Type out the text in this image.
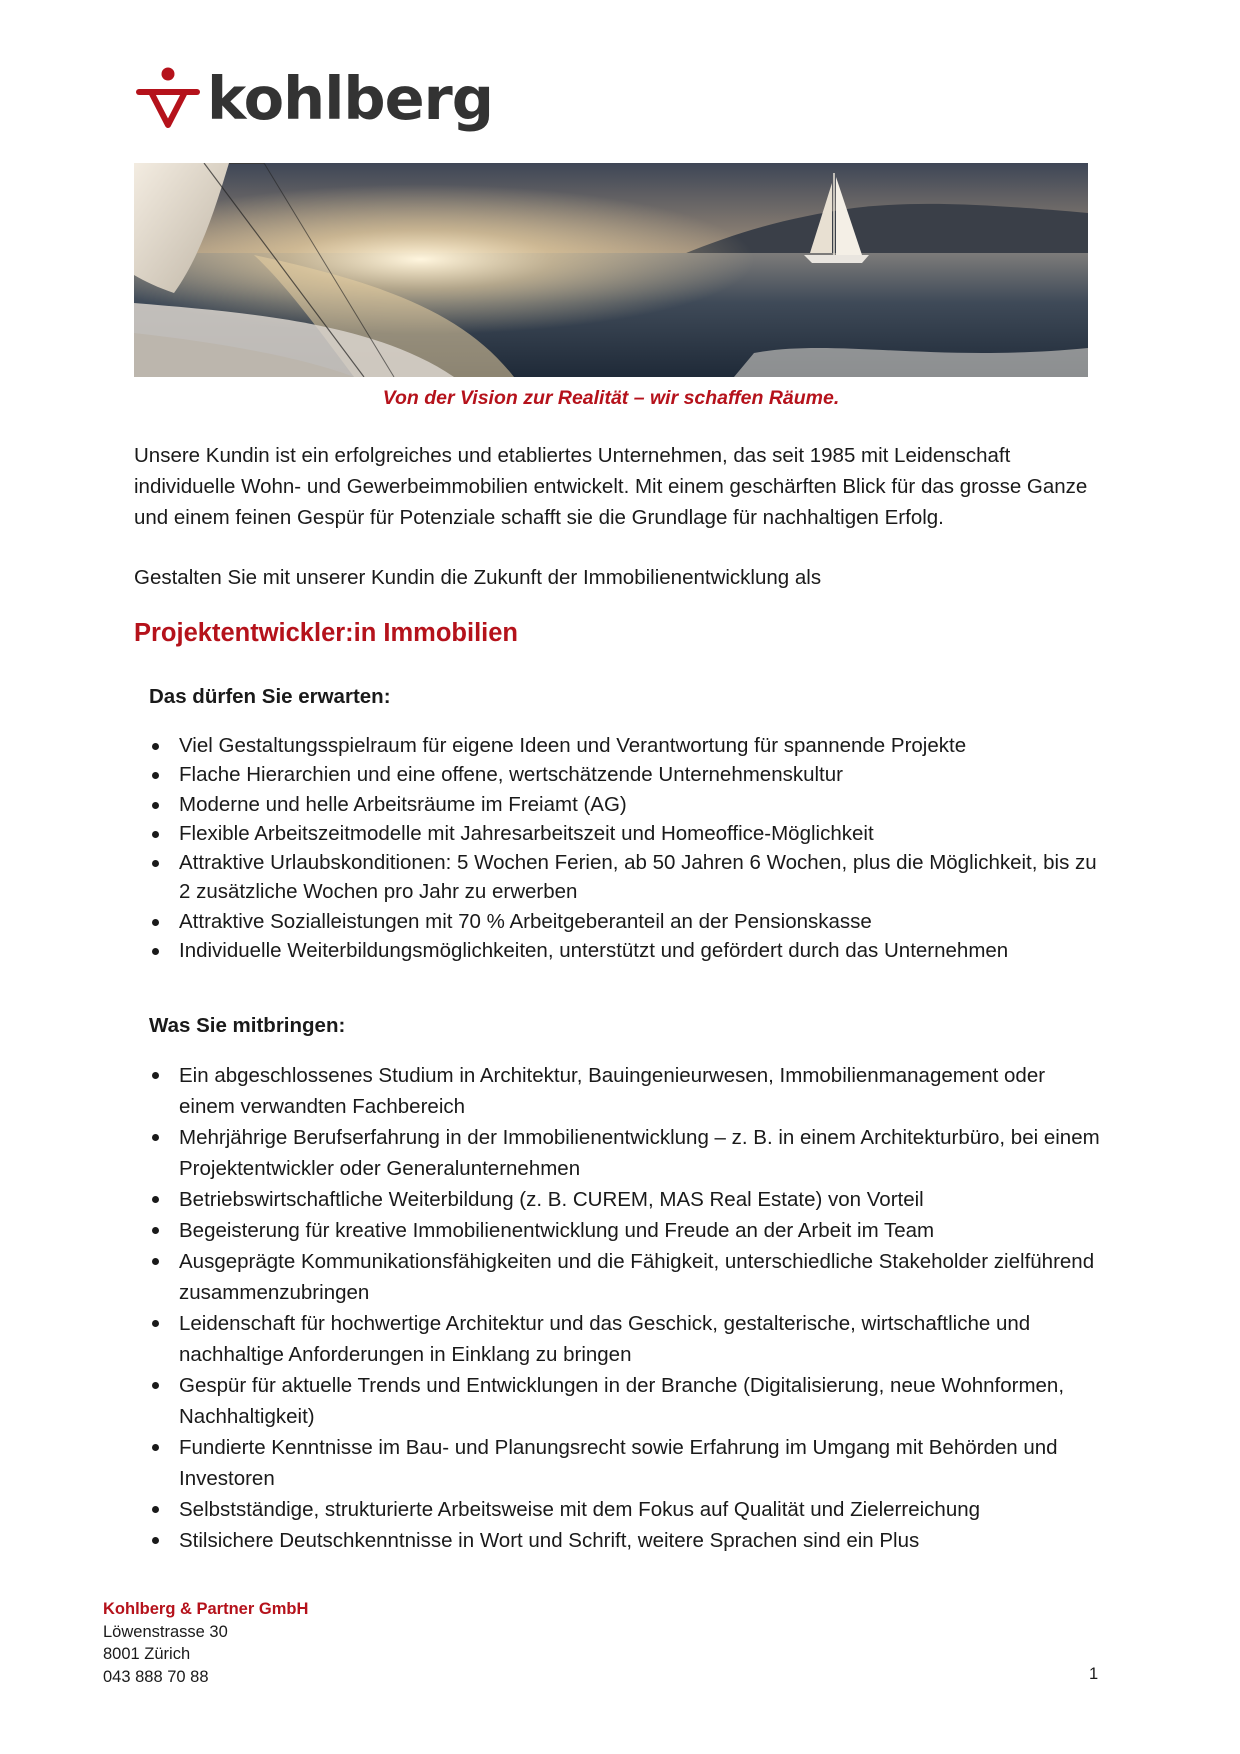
kohlberg
Von der Vision zur Realität – wir schaffen Räume.

Unsere Kundin ist ein erfolgreiches und etabliertes Unternehmen, das seit 1985 mit Leidenschaft individuelle Wohn- und Gewerbeimmobilien entwickelt. Mit einem geschärften Blick für das grosse Ganze und einem feinen Gespür für Potenziale schafft sie die Grundlage für nachhaltigen Erfolg.

Gestalten Sie mit unserer Kundin die Zukunft der Immobilienentwicklung als

Projektentwickler:in Immobilien
Das dürfen Sie erwarten:
Viel Gestaltungsspielraum für eigene Ideen und Verantwortung für spannende Projekte
Flache Hierarchien und eine offene, wertschätzende Unternehmenskultur
Moderne und helle Arbeitsräume im Freiamt (AG)
Flexible Arbeitszeitmodelle mit Jahresarbeitszeit und Homeoffice-Möglichkeit
Attraktive Urlaubskonditionen: 5 Wochen Ferien, ab 50 Jahren 6 Wochen, plus die Möglichkeit, bis zu 2 zusätzliche Wochen pro Jahr zu erwerben
Attraktive Sozialleistungen mit 70 % Arbeitgeberanteil an der Pensionskasse
Individuelle Weiterbildungsmöglichkeiten, unterstützt und gefördert durch das Unternehmen
Was Sie mitbringen:
Ein abgeschlossenes Studium in Architektur, Bauingenieurwesen, Immobilienmanagement oder einem verwandten Fachbereich
Mehrjährige Berufserfahrung in der Immobilienentwicklung – z. B. in einem Architekturbüro, bei einem Projektentwickler oder Generalunternehmen
Betriebswirtschaftliche Weiterbildung (z. B. CUREM, MAS Real Estate) von Vorteil
Begeisterung für kreative Immobilienentwicklung und Freude an der Arbeit im Team
Ausgeprägte Kommunikationsfähigkeiten und die Fähigkeit, unterschiedliche Stakeholder zielführend zusammenzubringen
Leidenschaft für hochwertige Architektur und das Geschick, gestalterische, wirtschaftliche und nachhaltige Anforderungen in Einklang zu bringen
Gespür für aktuelle Trends und Entwicklungen in der Branche (Digitalisierung, neue Wohnformen, Nachhaltigkeit)
Fundierte Kenntnisse im Bau- und Planungsrecht sowie Erfahrung im Umgang mit Behörden und Investoren
Selbstständige, strukturierte Arbeitsweise mit dem Fokus auf Qualität und Zielerreichung
Stilsichere Deutschkenntnisse in Wort und Schrift, weitere Sprachen sind ein Plus
Kohlberg & Partner GmbH
Löwenstrasse 30
8001 Zürich
043 888 70 88	1
